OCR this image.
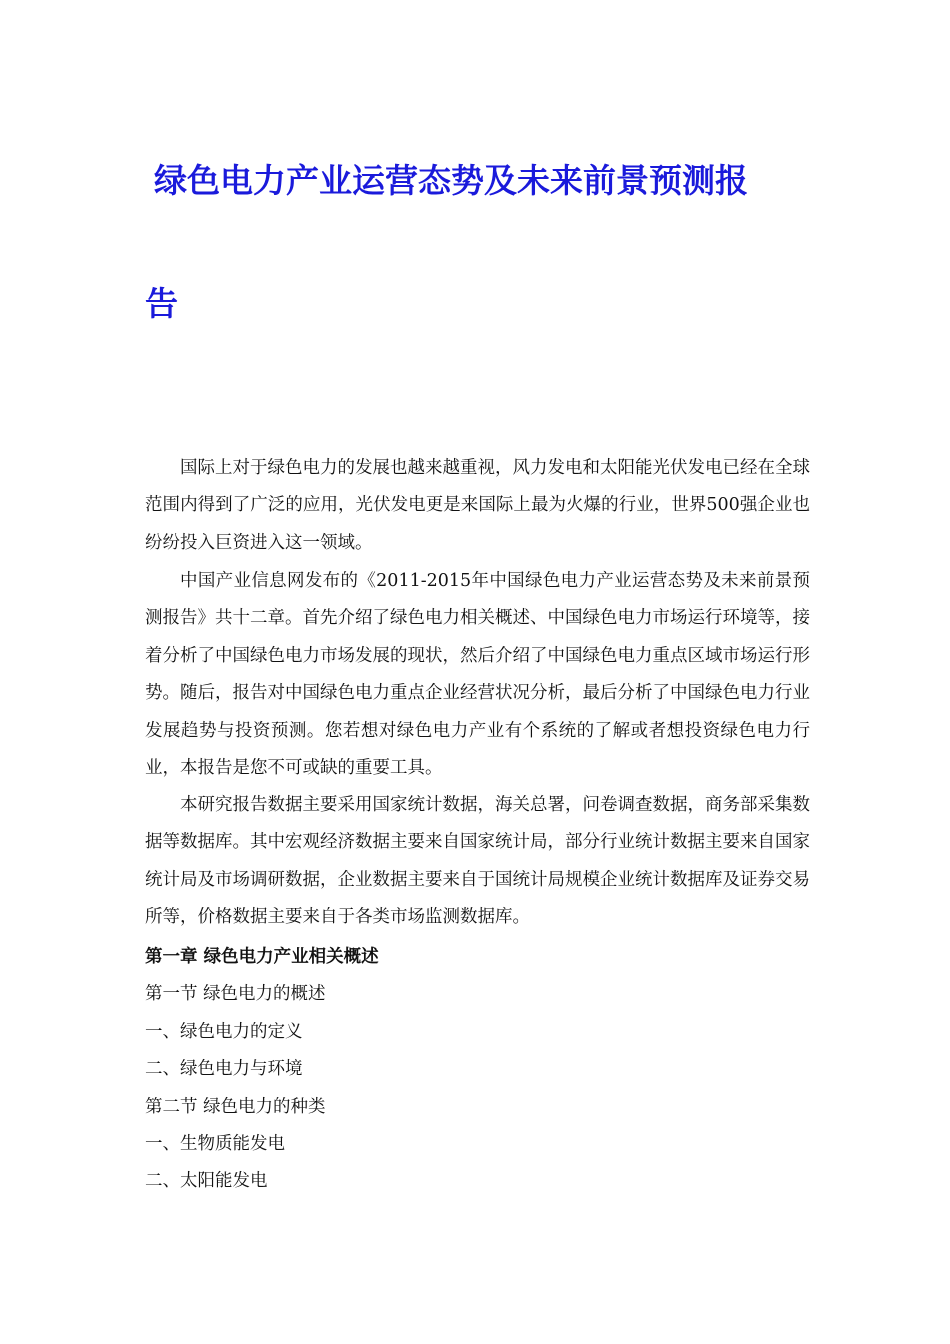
绿色电力产业运营态势及未来前景预测报
告

国际上对于绿色电力的发展也越来越重视，风力发电和太阳能光伏发电已经在全球范围内得到了广泛的应用，光伏发电更是来国际上最为火爆的行业，世界500强企业也纷纷投入巨资进入这一领域。

中国产业信息网发布的《2011-2015年中国绿色电力产业运营态势及未来前景预测报告》共十二章。首先介绍了绿色电力相关概述、中国绿色电力市场运行环境等，接着分析了中国绿色电力市场发展的现状，然后介绍了中国绿色电力重点区域市场运行形势。随后，报告对中国绿色电力重点企业经营状况分析，最后分析了中国绿色电力行业发展趋势与投资预测。您若想对绿色电力产业有个系统的了解或者想投资绿色电力行业，本报告是您不可或缺的重要工具。

本研究报告数据主要采用国家统计数据，海关总署，问卷调查数据，商务部采集数据等数据库。其中宏观经济数据主要来自国家统计局，部分行业统计数据主要来自国家统计局及市场调研数据，企业数据主要来自于国统计局规模企业统计数据库及证券交易所等，价格数据主要来自于各类市场监测数据库。

第一章 绿色电力产业相关概述
第一节 绿色电力的概述
一、绿色电力的定义
二、绿色电力与环境
第二节 绿色电力的种类
一、生物质能发电
二、太阳能发电
